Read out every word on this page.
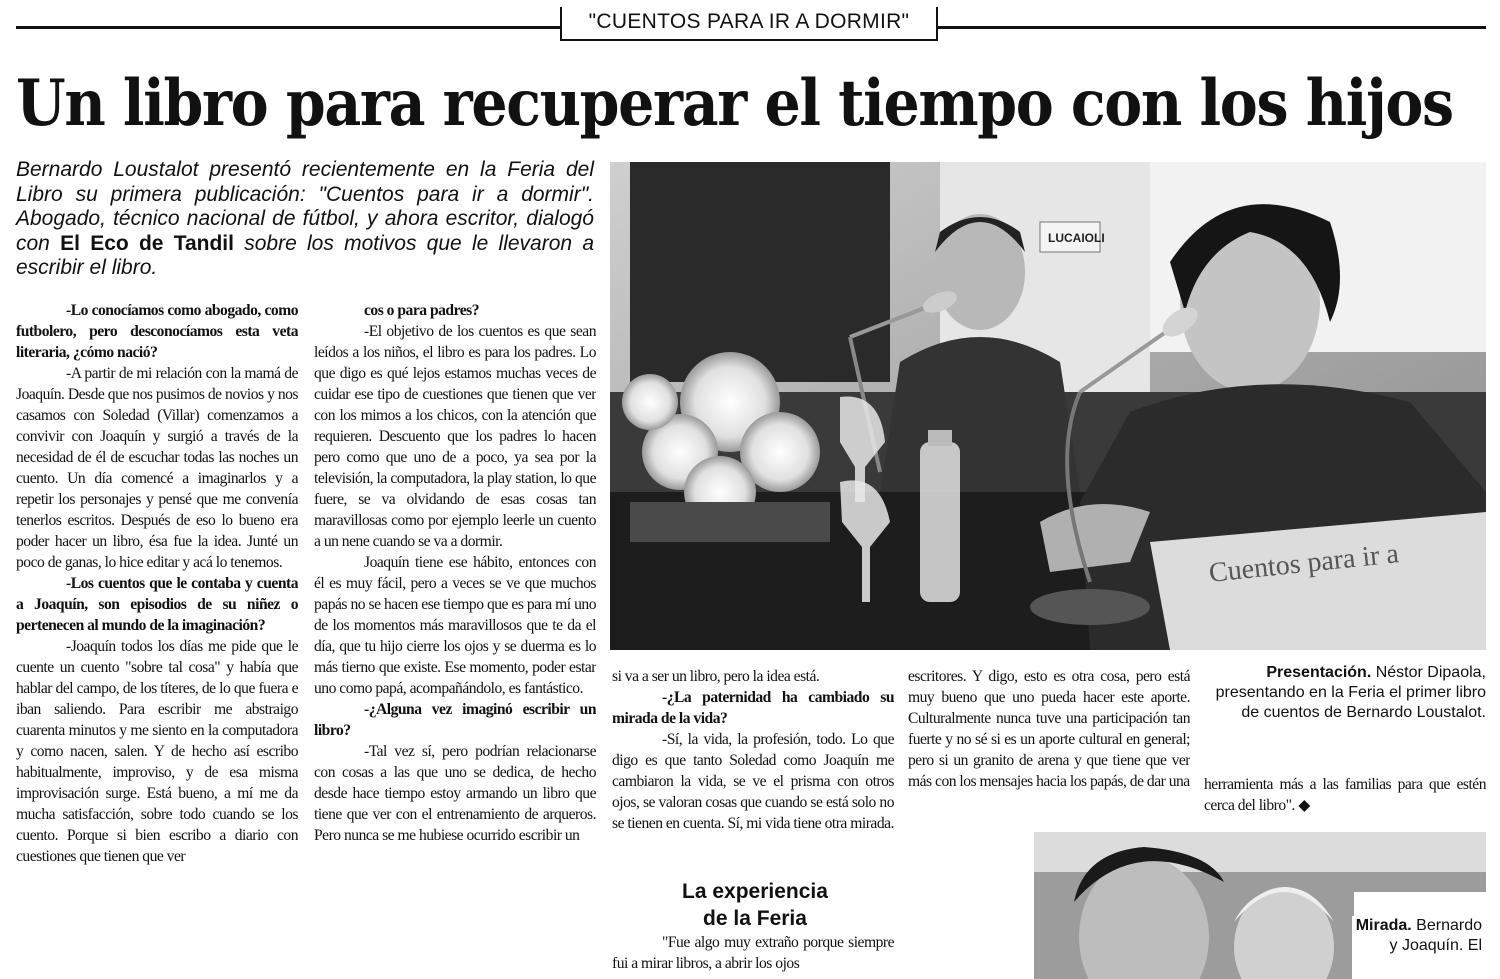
"CUENTOS PARA IR A DORMIR"
Un libro para recuperar el tiempo con los hijos
Bernardo Loustalot presentó recientemente en la Feria del Libro su primera publicación: "Cuentos para ir a dormir". Abogado, técnico nacional de fútbol, y ahora escritor, dialogó con El Eco de Tandil sobre los motivos que le llevaron a escribir el libro.

-Lo conocíamos como abogado, como futbolero, pero desconocíamos esta veta literaria, ¿cómo nació?

-A partir de mi relación con la mamá de Joaquín. Desde que nos pusimos de novios y nos casamos con Soledad (Villar) comenzamos a convivir con Joaquín y surgió a través de la necesidad de él de escuchar todas las noches un cuento. Un día comencé a imaginarlos y a repetir los personajes y pensé que me convenía tenerlos escritos. Después de eso lo bueno era poder hacer un libro, ésa fue la idea. Junté un poco de ganas, lo hice editar y acá lo tenemos.

-Los cuentos que le contaba y cuenta a Joaquín, son episodios de su niñez o pertenecen al mundo de la imaginación?

-Joaquín todos los días me pide que le cuente un cuento "sobre tal cosa" y había que hablar del campo, de los títeres, de lo que fuera e iban saliendo. Para escribir me abstraigo cuarenta minutos y me siento en la computadora y como nacen, salen. Y de hecho así escribo habitualmente, improviso, y de esa misma improvisación surge. Está bueno, a mí me da mucha satisfacción, sobre todo cuando se los cuento. Porque si bien escribo a diario con cuestiones que tienen que ver

cos o para padres?

-El objetivo de los cuentos es que sean leídos a los niños, el libro es para los padres. Lo que digo es qué lejos estamos muchas veces de cuidar ese tipo de cuestiones que tienen que ver con los mimos a los chicos, con la atención que requieren. Descuento que los padres lo hacen pero como que uno de a poco, ya sea por la televisión, la computadora, la play station, lo que fuere, se va olvidando de esas cosas tan maravillosas como por ejemplo leerle un cuento a un nene cuando se va a dormir.

Joaquín tiene ese hábito, entonces con él es muy fácil, pero a veces se ve que muchos papás no se hacen ese tiempo que es para mí uno de los momentos más maravillosos que te da el día, que tu hijo cierre los ojos y se duerma es lo más tierno que existe. Ese momento, poder estar uno como papá, acompañándolo, es fantástico.

-¿Alguna vez imaginó escribir un libro?

-Tal vez sí, pero podrían relacionarse con cosas a las que uno se dedica, de hecho desde hace tiempo estoy armando un libro que tiene que ver con el entrenamiento de arqueros. Pero nunca se me hubiese ocurrido escribir un

si va a ser un libro, pero la idea está.

-¿La paternidad ha cambiado su mirada de la vida?

-Sí, la vida, la profesión, todo. Lo que digo es que tanto Soledad como Joaquín me cambiaron la vida, se ve el prisma con otros ojos, se valoran cosas que cuando se está solo no se tienen en cuenta. Sí, mi vida tiene otra mirada.

"Fue algo muy extraño porque siempre fui a mirar libros, a abrir los ojos

escritores. Y digo, esto es otra cosa, pero está muy bueno que uno pueda hacer este aporte. Culturalmente nunca tuve una participación tan fuerte y no sé si es un aporte cultural en general; pero si un granito de arena y que tiene que ver más con los mensajes hacia los papás, de dar una herramienta más a las familias para que estén cerca del libro". ◆

La experiencia
de la Feria
LUCAIOLI
Cuentos para ir a
Presentación. Néstor Dipaola, presentando en la Feria el primer libro de cuentos de Bernardo Loustalot.
Mirada. Bernardo y Joaquín. El
